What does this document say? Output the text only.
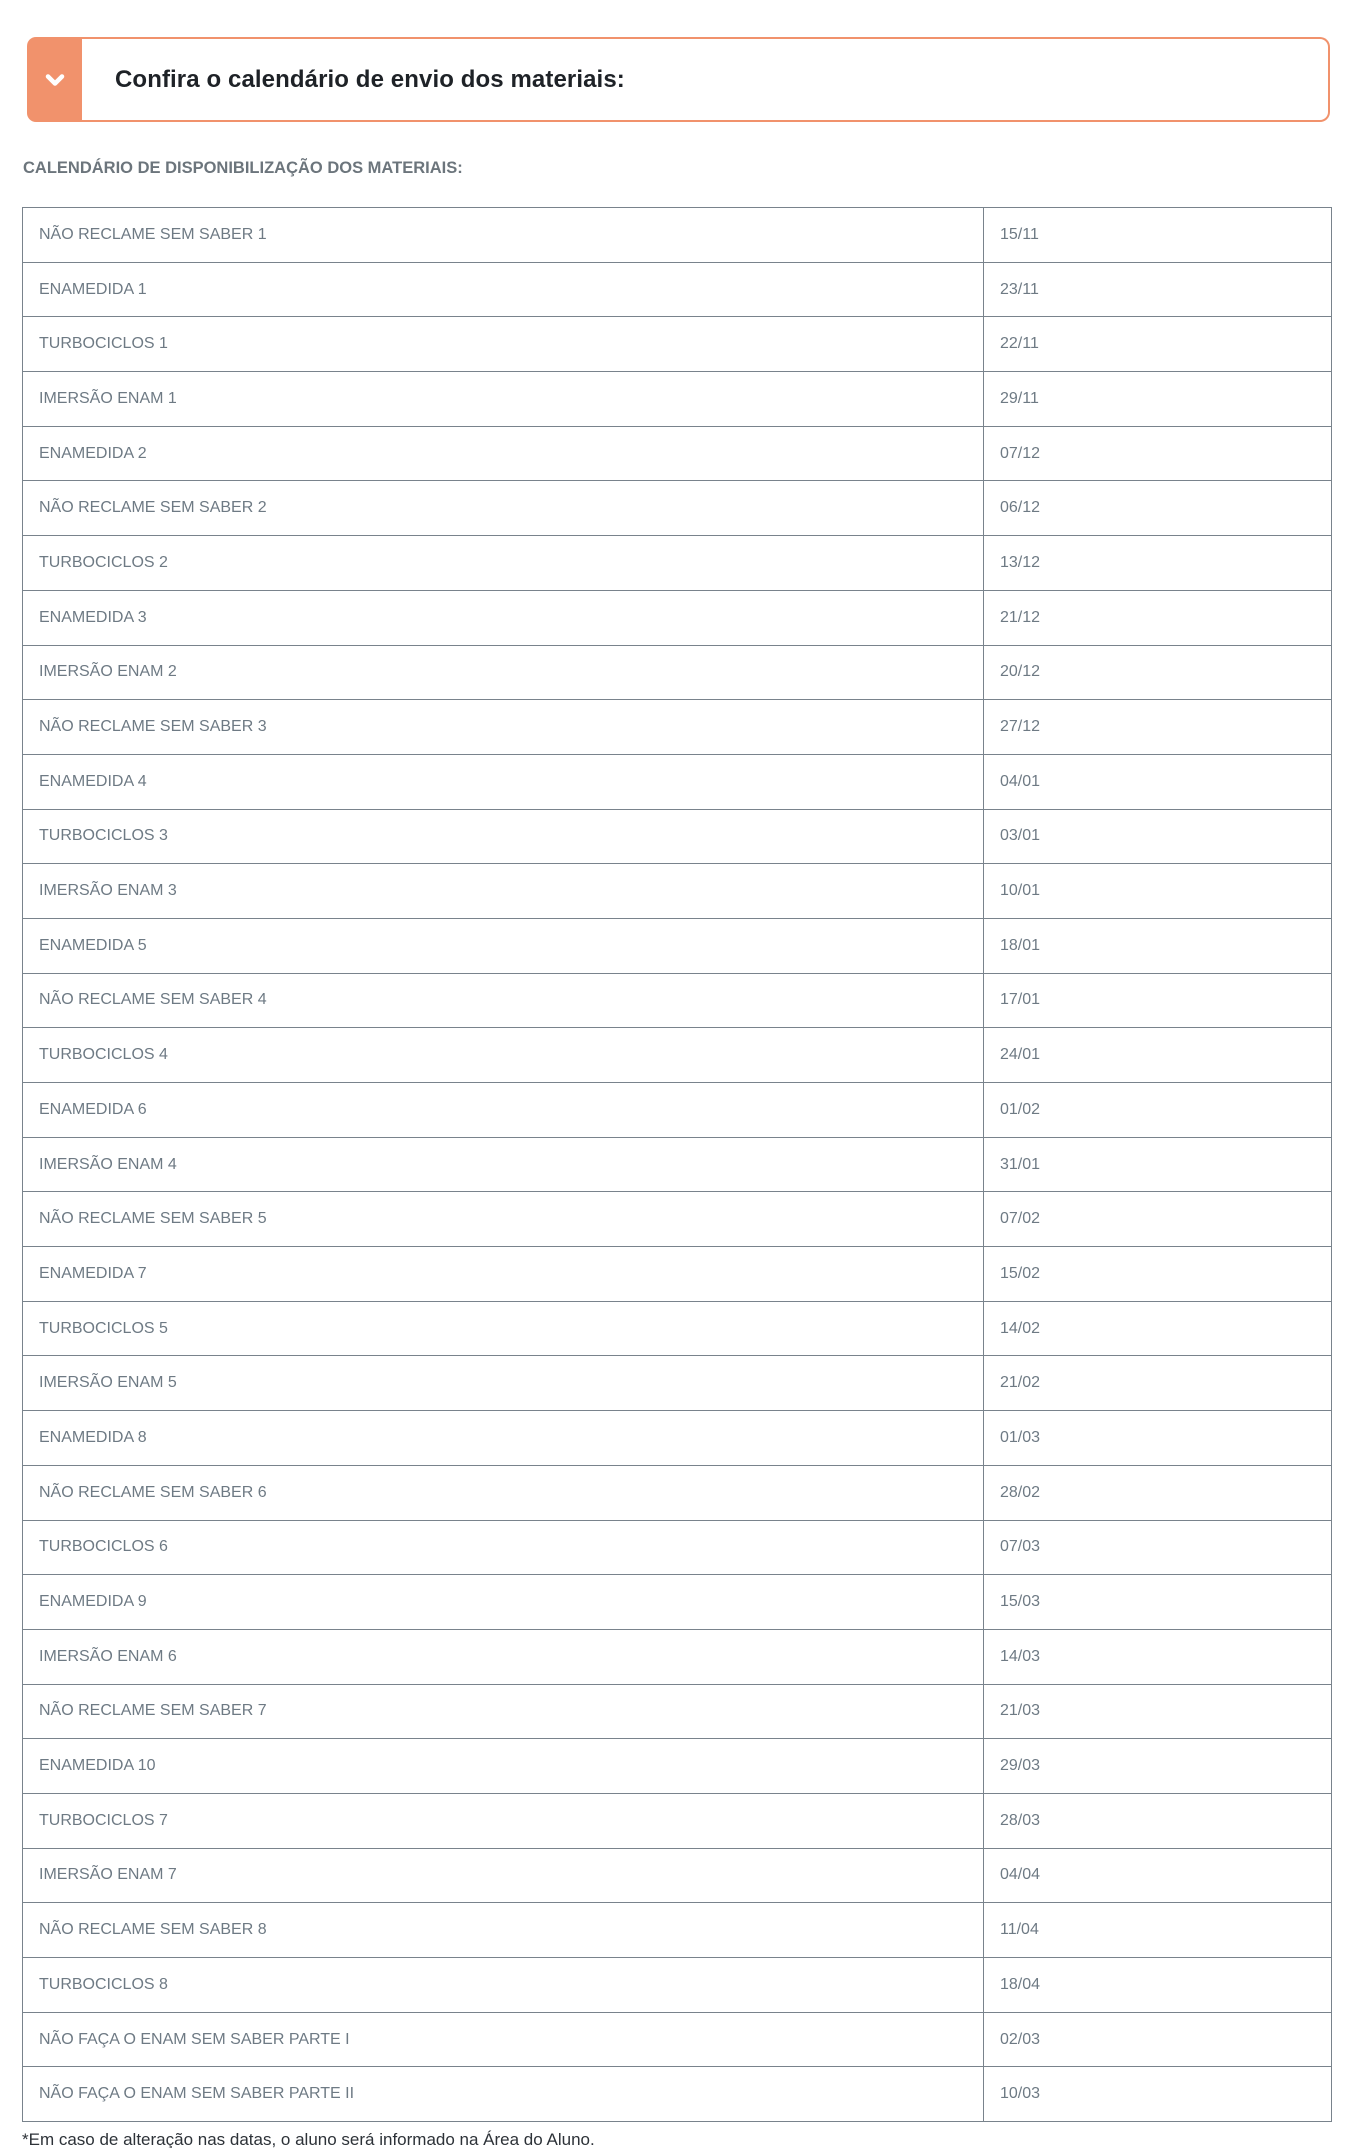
Confira o calendário de envio dos materiais:
CALENDÁRIO DE DISPONIBILIZAÇÃO DOS MATERIAIS:
NÃO RECLAME SEM SABER 1	15/11
ENAMEDIDA 1	23/11
TURBOCICLOS 1	22/11
IMERSÃO ENAM 1	29/11
ENAMEDIDA 2	07/12
NÃO RECLAME SEM SABER 2	06/12
TURBOCICLOS 2	13/12
ENAMEDIDA 3	21/12
IMERSÃO ENAM 2	20/12
NÃO RECLAME SEM SABER 3	27/12
ENAMEDIDA 4	04/01
TURBOCICLOS 3	03/01
IMERSÃO ENAM 3	10/01
ENAMEDIDA 5	18/01
NÃO RECLAME SEM SABER 4	17/01
TURBOCICLOS 4	24/01
ENAMEDIDA 6	01/02
IMERSÃO ENAM 4	31/01
NÃO RECLAME SEM SABER 5	07/02
ENAMEDIDA 7	15/02
TURBOCICLOS 5	14/02
IMERSÃO ENAM 5	21/02
ENAMEDIDA 8	01/03
NÃO RECLAME SEM SABER 6	28/02
TURBOCICLOS 6	07/03
ENAMEDIDA 9	15/03
IMERSÃO ENAM 6	14/03
NÃO RECLAME SEM SABER 7	21/03
ENAMEDIDA 10	29/03
TURBOCICLOS 7	28/03
IMERSÃO ENAM 7	04/04
NÃO RECLAME SEM SABER 8	11/04
TURBOCICLOS 8	18/04
NÃO FAÇA O ENAM SEM SABER PARTE I	02/03
NÃO FAÇA O ENAM SEM SABER PARTE II	10/03
*Em caso de alteração nas datas, o aluno será informado na Área do Aluno.
